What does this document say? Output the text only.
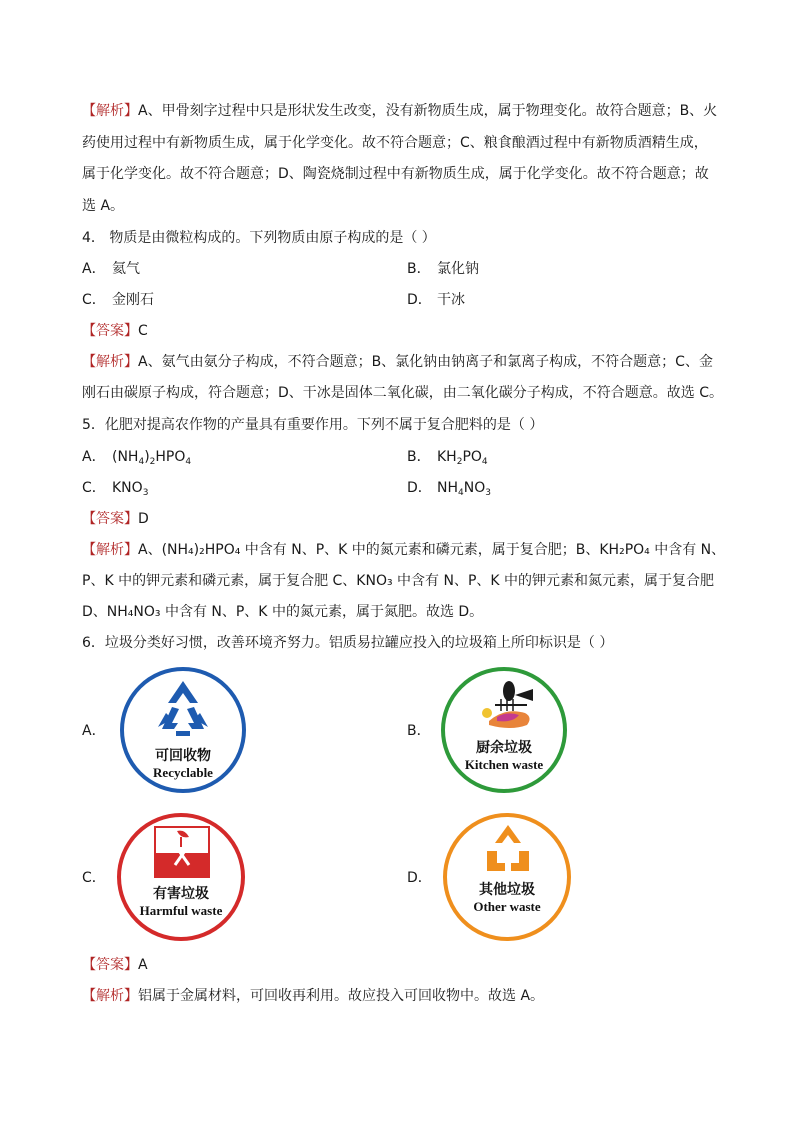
【解析】A、甲骨刻字过程中只是形状发生改变，没有新物质生成，属于物理变化。故符合题意；B、火
药使用过程中有新物质生成，属于化学变化。故不符合题意；C、粮食酿酒过程中有新物质酒精生成，
属于化学变化。故不符合题意；D、陶瓷烧制过程中有新物质生成，属于化学变化。故不符合题意；故
选 A。
4． 物质是由微粒构成的。下列物质由原子构成的是（ ）
A． 氦气	B． 氯化钠
C． 金刚石	D． 干冰
【答案】C
【解析】A、氨气由氨分子构成，不符合题意；B、氯化钠由钠离子和氯离子构成，不符合题意；C、金
刚石由碳原子构成，符合题意；D、干冰是固体二氧化碳，由二氧化碳分子构成，不符合题意。故选 C。
5．化肥对提高农作物的产量具有重要作用。下列不属于复合肥料的是（ ）
A． $(NH_4)_2HPO_4$	B． $KH_2PO_4$
C． $KNO_3$	D． $NH_4NO_3$
【答案】D
【解析】A、(NH₄)₂HPO₄ 中含有 N、P、K 中的氮元素和磷元素，属于复合肥；B、KH₂PO₄ 中含有 N、
P、K 中的钾元素和磷元素，属于复合肥 C、KNO₃ 中含有 N、P、K 中的钾元素和氮元素，属于复合肥
D、NH₄NO₃ 中含有 N、P、K 中的氮元素，属于氮肥。故选 D。
6．垃圾分类好习惯，改善环境齐努力。铝质易拉罐应投入的垃圾箱上所印标识是（ ）
A．
可回收物
Recyclable
B．
厨余垃圾
Kitchen waste
C．
有害垃圾
Harmful waste
D．
其他垃圾
Other waste
【答案】A
【解析】铝属于金属材料，可回收再利用。故应投入可回收物中。故选 A。
